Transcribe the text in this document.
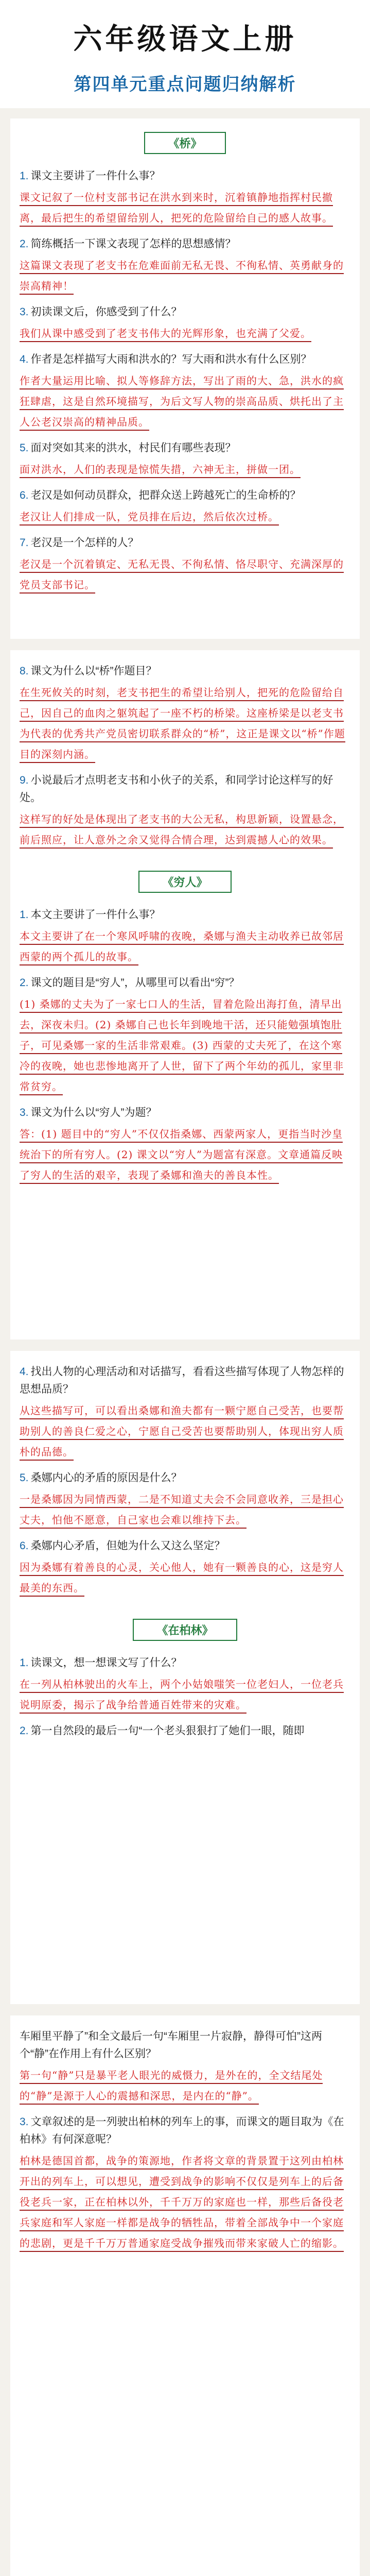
六年级语文上册
第四单元重点问题归纳解析
《桥》
1. 课文主要讲了一件什么事？
课文记叙了一位村支部书记在洪水到来时，沉着镇静地指挥村民撤离，最后把生的希望留给别人，把死的危险留给自己的感人故事。
2. 简练概括一下课文表现了怎样的思想感情？
这篇课文表现了老支书在危难面前无私无畏、不徇私情、英勇献身的崇高精神！
3. 初读课文后，你感受到了什么？
我们从课中感受到了老支书伟大的光辉形象，也充满了父爱。
4. 作者是怎样描写大雨和洪水的？写大雨和洪水有什么区别？
作者大量运用比喻、拟人等修辞方法，写出了雨的大、急，洪水的疯狂肆虐，这是自然环境描写，为后文写人物的崇高品质、烘托出了主人公老汉崇高的精神品质。
5. 面对突如其来的洪水，村民们有哪些表现？
面对洪水，人们的表现是惊慌失措，六神无主，拼做一团。
6. 老汉是如何动员群众，把群众送上跨越死亡的生命桥的？
老汉让人们排成一队，党员排在后边，然后依次过桥。
7. 老汉是一个怎样的人？
老汉是一个沉着镇定、无私无畏、不徇私情、恪尽职守、充满深厚的党员支部书记。
8. 课文为什么以“桥”作题目？
在生死攸关的时刻，老支书把生的希望让给别人，把死的危险留给自己，因自己的血肉之躯筑起了一座不朽的桥梁。这座桥梁是以老支书为代表的优秀共产党员密切联系群众的“桥”，这正是课文以“桥”作题目的深刻内涵。
9. 小说最后才点明老支书和小伙子的关系，和同学讨论这样写的好处。
这样写的好处是体现出了老支书的大公无私，构思新颖，设置悬念，前后照应，让人意外之余又觉得合情合理，达到震撼人心的效果。
《穷人》
1. 本文主要讲了一件什么事？
本文主要讲了在一个寒风呼啸的夜晚，桑娜与渔夫主动收养已故邻居西蒙的两个孤儿的故事。
2. 课文的题目是“穷人”，从哪里可以看出“穷”？
(1) 桑娜的丈夫为了一家七口人的生活，冒着危险出海打鱼，清早出去，深夜未归。(2) 桑娜自己也长年到晚地干活，还只能勉强填饱肚子，可见桑娜一家的生活非常艰难。(3) 西蒙的丈夫死了，在这个寒冷的夜晚，她也悲惨地离开了人世，留下了两个年幼的孤儿，家里非常贫穷。
3. 课文为什么以“穷人”为题？
答：(1) 题目中的“穷人”不仅仅指桑娜、西蒙两家人，更指当时沙皇统治下的所有穷人。(2) 课文以“穷人”为题富有深意。文章通篇反映了穷人的生活的艰辛，表现了桑娜和渔夫的善良本性。
4. 找出人物的心理活动和对话描写，看看这些描写体现了人物怎样的思想品质？
从这些描写可，可以看出桑娜和渔夫都有一颗宁愿自己受苦，也要帮助别人的善良仁爱之心，宁愿自己受苦也要帮助别人，体现出穷人质朴的品德。
5. 桑娜内心的矛盾的原因是什么？
一是桑娜因为同情西蒙，二是不知道丈夫会不会同意收养，三是担心丈夫，怕他不愿意，自己家也会难以维持下去。
6. 桑娜内心矛盾，但她为什么又这么坚定？
因为桑娜有着善良的心灵，关心他人，她有一颗善良的心，这是穷人最美的东西。
《在柏林》
1. 读课文，想一想课文写了什么？
在一列从柏林驶出的火车上，两个小姑娘嗤笑一位老妇人，一位老兵说明原委，揭示了战争给普通百姓带来的灾难。
2. 第一自然段的最后一句“一个老头狠狠打了她们一眼，随即
车厢里平静了”和全文最后一句“车厢里一片寂静，静得可怕”这两个“静”在作用上有什么区别？
第一句“静”只是暴平老人眼光的威慑力，是外在的，全文结尾处的“静”是源于人心的震撼和深思，是内在的“静”。
3. 文章叙述的是一列驶出柏林的列车上的事，而课文的题目取为《在柏林》有何深意呢？
柏林是德国首都，战争的策源地，作者将文章的背景置于这列由柏林开出的列车上，可以想见，遭受到战争的影响不仅仅是列车上的后备役老兵一家，正在柏林以外，千千万万的家庭也一样，那些后备役老兵家庭和军人家庭一样都是战争的牺牲品，带着全部战争中一个家庭的悲剧，更是千千万万普通家庭受战争摧残而带来家破人亡的缩影。
